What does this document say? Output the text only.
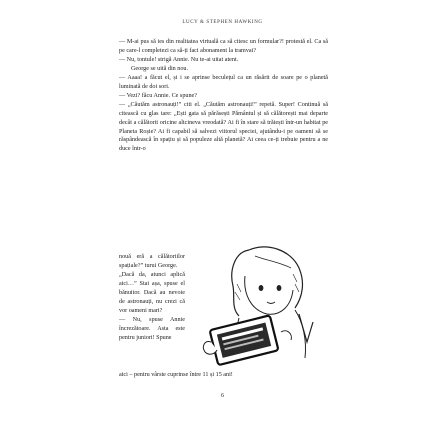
LUCY & STEPHEN HAWKING

— M-ai pus să ies din realitatea virtuală ca să citesc un formular?! protestă el. Ca să pe care-l completezi ca să-ți faci abonament la tramvai?

— Nu, tontule! strigă Annie. Nu te-ai uitat atent.

George se uită din nou.

— Aaaa! a făcut el, și i se aprinse beculețul ca un răsărit de soare pe o planetă luminată de doi sori.

— Vezi? făcu Annie. Ce spune?

— „Căutăm astronauți!” citi el. „Căutăm astronauți!” repetă. Super! Continuă să citească cu glas tare: „Ești gata să părăsești Pământul și să călătorești mai departe decât a călătorit oricine altcineva vreodată? Ai fi în stare să trăiești într-un habitat pe Planeta Roșie? Ai fi capabil să salvezi viitorul speciei, ajutându-i pe oameni să se răspândească în spațiu și să populeze altă planetă? Ai ceea ce-ți trebuie pentru a ne duce într-o

nouă eră a călătoriilor spațiale?” turui George.

„Dacă da, atunci aplică aici…” Stai așa, spuse el bănuitor. Dacă au nevoie de astronauți, nu crezi că vor oameni mari?

— Nu, spuse Annie încrezătoare. Asta este pentru juniori! Spune

aici – pentru vârste cuprinse între 11 și 15 ani!
6
